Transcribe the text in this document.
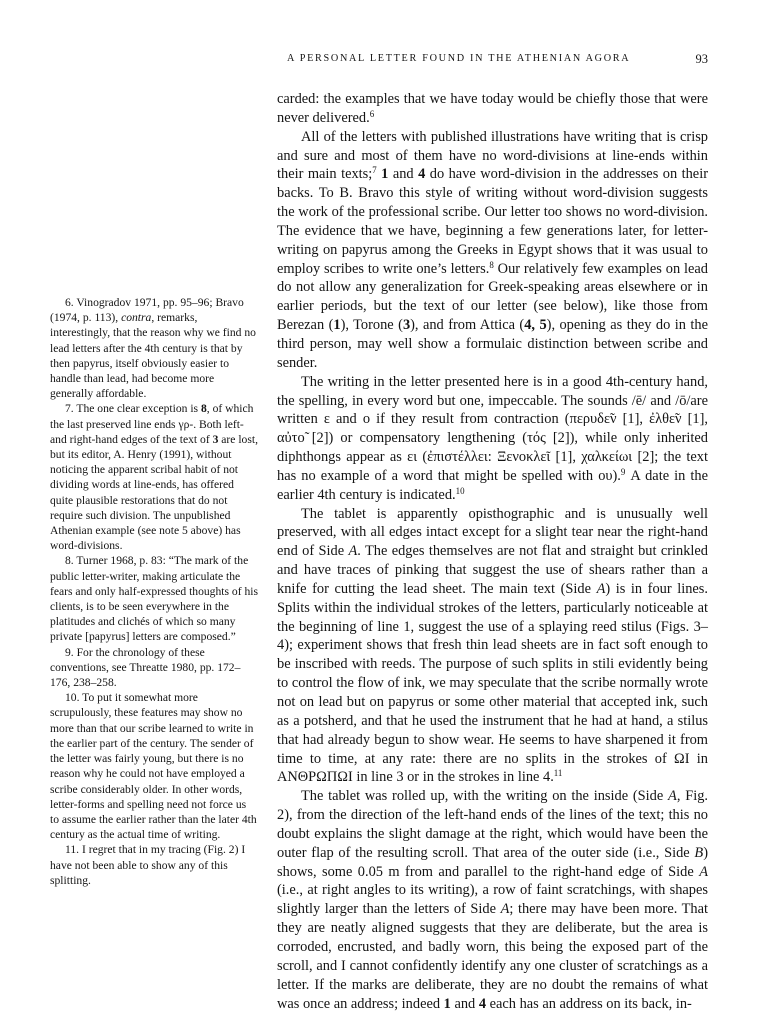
A PERSONAL LETTER FOUND IN THE ATHENIAN AGORA	93

carded: the examples that we have today would be chiefly those that were never delivered.$^6$

All of the letters with published illustrations have writing that is crisp and sure and most of them have no word-divisions at line-ends within their main texts;$^7$ 1 and 4 do have word-division in the addresses on their backs. To B. Bravo this style of writing without word-division suggests the work of the professional scribe. Our letter too shows no word-division. The evidence that we have, beginning a few generations later, for letter-writing on papyrus among the Greeks in Egypt shows that it was usual to employ scribes to write one’s letters.$^8$ Our relatively few examples on lead do not allow any generalization for Greek-speaking areas elsewhere or in earlier periods, but the text of our letter (see below), like those from Berezan (1), Torone (3), and from Attica (4, 5), opening as they do in the third person, may well show a formulaic distinction between scribe and sender.

The writing in the letter presented here is in a good 4th-century hand, the spelling, in every word but one, impeccable. The sounds /ē/ and /ō/are written ε and ο if they result from contraction (περυδε̃ν [1], ἐλθε̃ν [1], αὐτο̃ [2]) or compensatory lengthening (τός [2]), while only inherited diphthongs appear as ει (ἐπιστέλλει: Ξενοκλεῖ [1], χαλκείωι [2]; the text has no example of a word that might be spelled with ου).$^9$ A date in the earlier 4th century is indicated.$^{10}$

The tablet is apparently opisthographic and is unusually well preserved, with all edges intact except for a slight tear near the right-hand end of Side A. The edges themselves are not flat and straight but crinkled and have traces of pinking that suggest the use of shears rather than a knife for cutting the lead sheet. The main text (Side A) is in four lines. Splits within the individual strokes of the letters, particularly noticeable at the beginning of line 1, suggest the use of a splaying reed stilus (Figs. 3–4); experiment shows that fresh thin lead sheets are in fact soft enough to be inscribed with reeds. The purpose of such splits in stili evidently being to control the flow of ink, we may speculate that the scribe normally wrote not on lead but on papyrus or some other material that accepted ink, such as a potsherd, and that he used the instrument that he had at hand, a stilus that had already begun to show wear. He seems to have sharpened it from time to time, at any rate: there are no splits in the strokes of ΩΙ in ΑΝΘΡΩΠΩΙ in line 3 or in the strokes in line 4.11

The tablet was rolled up, with the writing on the inside (Side A, Fig. 2), from the direction of the left-hand ends of the lines of the text; this no doubt explains the slight damage at the right, which would have been the outer flap of the resulting scroll. That area of the outer side (i.e., Side B) shows, some 0.05 m from and parallel to the right-hand edge of Side A (i.e., at right angles to its writing), a row of faint scratchings, with shapes slightly larger than the letters of Side A; there may have been more. That they are neatly aligned suggests that they are deliberate, but the area is corroded, encrusted, and badly worn, this being the exposed part of the scroll, and I cannot confidently identify any one cluster of scratchings as a letter. If the marks are deliberate, they are no doubt the remains of what was once an address; indeed 1 and 4 each has an address on its back, in-

6. Vinogradov 1971, pp. 95–96; Bravo (1974, p. 113), contra, remarks, interestingly, that the reason why we find no lead letters after the 4th century is that by then papyrus, itself obviously easier to handle than lead, had become more generally affordable.

7. The one clear exception is 8, of which the last preserved line ends γρ-. Both left- and right-hand edges of the text of 3 are lost, but its editor, A. Henry (1991), without noticing the apparent scribal habit of not dividing words at line-ends, has offered quite plausible restorations that do not require such division. The unpublished Athenian example (see note 5 above) has word-divisions.

8. Turner 1968, p. 83: “The mark of the public letter-writer, making articulate the fears and only half-expressed thoughts of his clients, is to be seen everywhere in the platitudes and clichés of which so many private [papyrus] letters are composed.”

9. For the chronology of these conventions, see Threatte 1980, pp. 172–176, 238–258.

10. To put it somewhat more scrupulously, these features may show no more than that our scribe learned to write in the earlier part of the century. The sender of the letter was fairly young, but there is no reason why he could not have employed a scribe considerably older. In other words, letter-forms and spelling need not force us to assume the earlier rather than the later 4th century as the actual time of writing.

11. I regret that in my tracing (Fig. 2) I have not been able to show any of this splitting.
